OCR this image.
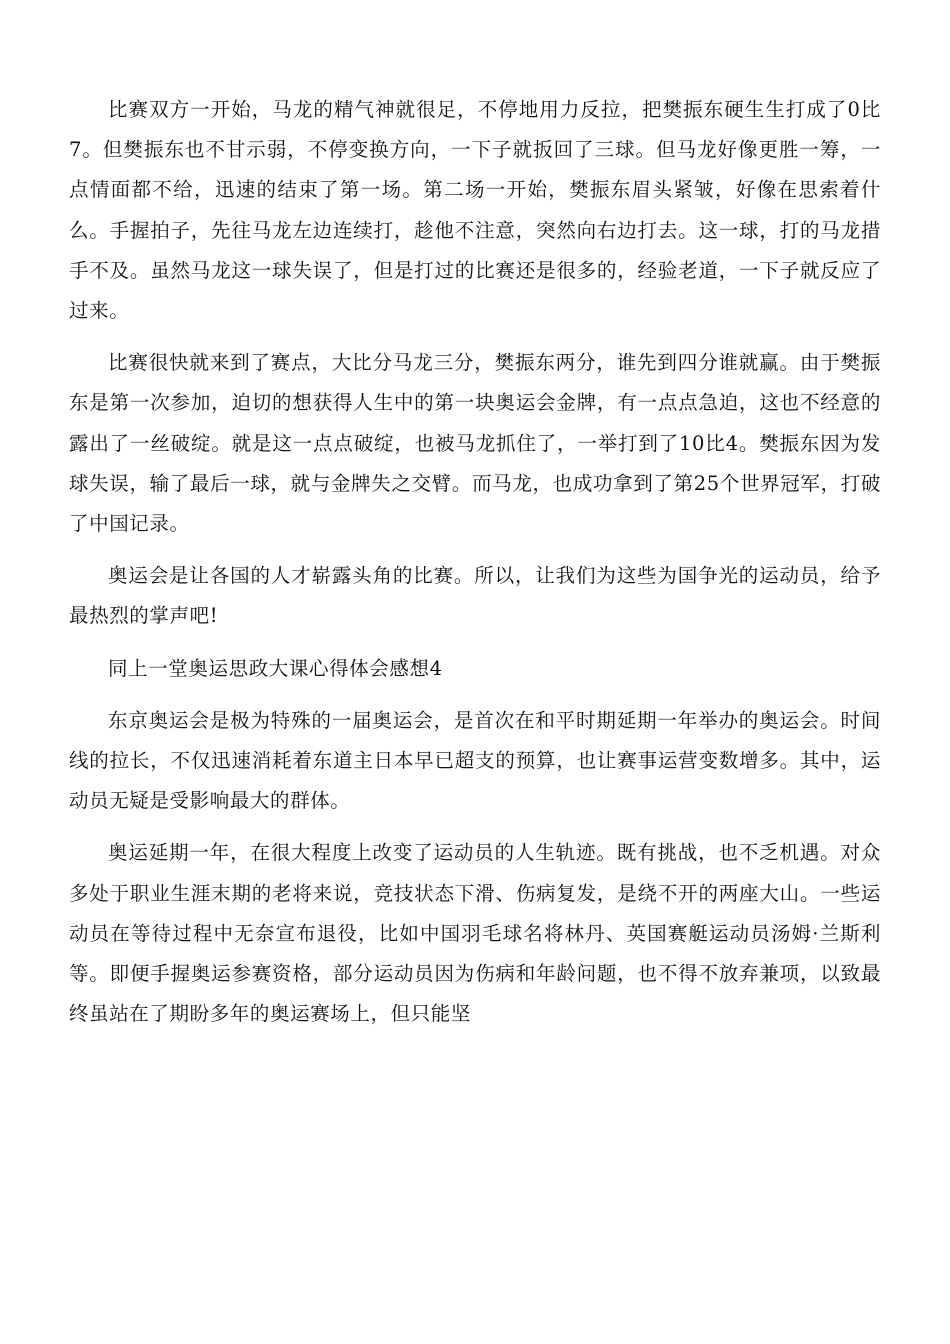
比赛双方一开始，马龙的精气神就很足，不停地用力反拉，把樊振东硬生生打成了0比7。但樊振东也不甘示弱，不停变换方向，一下子就扳回了三球。但马龙好像更胜一筹，一点情面都不给，迅速的结束了第一场。第二场一开始，樊振东眉头紧皱，好像在思索着什么。手握拍子，先往马龙左边连续打，趁他不注意，突然向右边打去。这一球，打的马龙措手不及。虽然马龙这一球失误了，但是打过的比赛还是很多的，经验老道，一下子就反应了过来。

比赛很快就来到了赛点，大比分马龙三分，樊振东两分，谁先到四分谁就赢。由于樊振东是第一次参加，迫切的想获得人生中的第一块奥运会金牌，有一点点急迫，这也不经意的露出了一丝破绽。就是这一点点破绽，也被马龙抓住了，一举打到了10比4。樊振东因为发球失误，输了最后一球，就与金牌失之交臂。而马龙，也成功拿到了第25个世界冠军，打破了中国记录。

奥运会是让各国的人才崭露头角的比赛。所以，让我们为这些为国争光的运动员，给予最热烈的掌声吧!

同上一堂奥运思政大课心得体会感想4

东京奥运会是极为特殊的一届奥运会，是首次在和平时期延期一年举办的奥运会。时间线的拉长，不仅迅速消耗着东道主日本早已超支的预算，也让赛事运营变数增多。其中，运动员无疑是受影响最大的群体。

奥运延期一年，在很大程度上改变了运动员的人生轨迹。既有挑战，也不乏机遇。对众多处于职业生涯末期的老将来说，竞技状态下滑、伤病复发，是绕不开的两座大山。一些运动员在等待过程中无奈宣布退役，比如中国羽毛球名将林丹、英国赛艇运动员汤姆·兰斯利等。即便手握奥运参赛资格，部分运动员因为伤病和年龄问题，也不得不放弃兼项，以致最终虽站在了期盼多年的奥运赛场上，但只能坚
